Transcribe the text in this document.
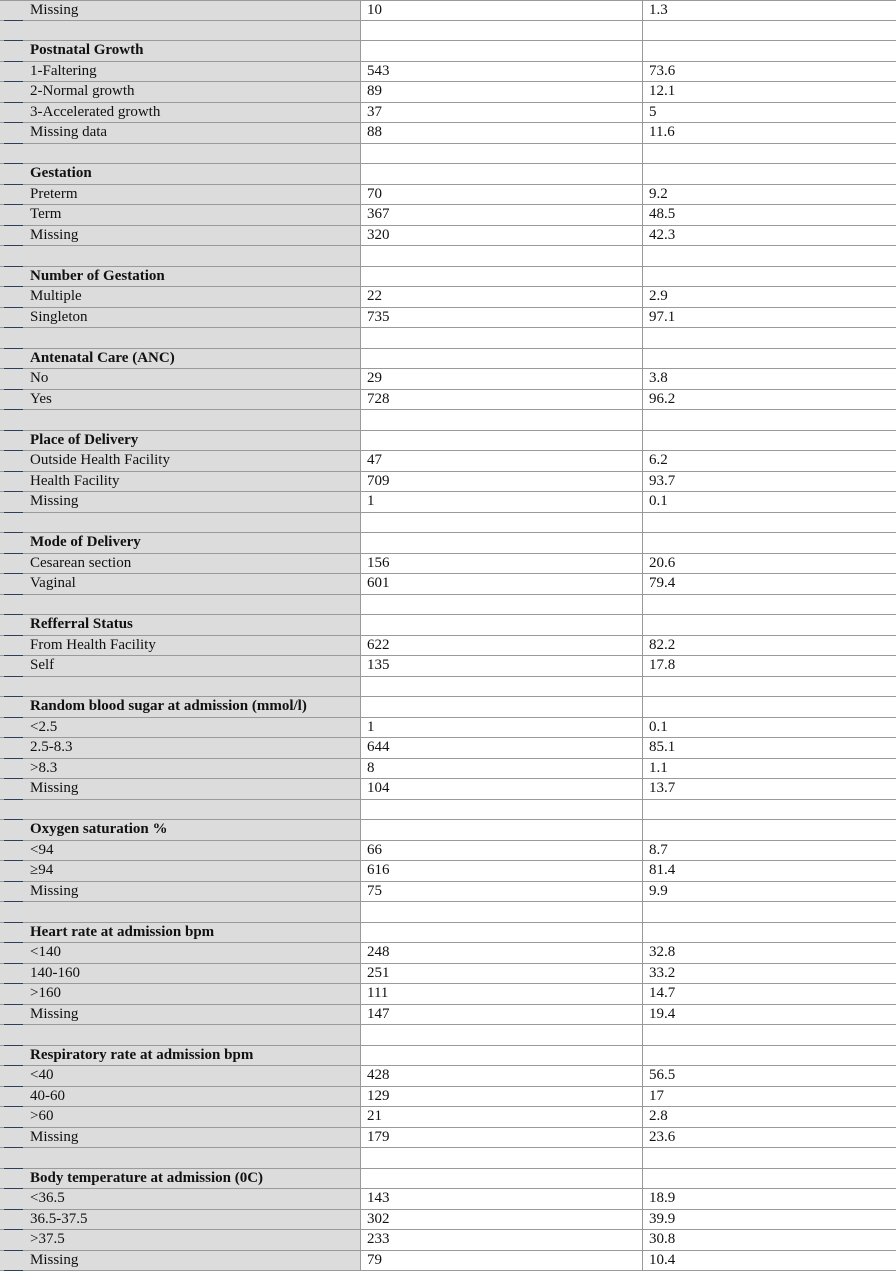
Missing	10	1.3
Postnatal Growth
1-Faltering	543	73.6
2-Normal growth	89	12.1
3-Accelerated growth	37	5
Missing data	88	11.6
Gestation
Preterm	70	9.2
Term	367	48.5
Missing	320	42.3
Number of Gestation
Multiple	22	2.9
Singleton	735	97.1
Antenatal Care (ANC)
No	29	3.8
Yes	728	96.2
Place of Delivery
Outside Health Facility	47	6.2
Health Facility	709	93.7
Missing	1	0.1
Mode of Delivery
Cesarean section	156	20.6
Vaginal	601	79.4
Refferral Status
From Health Facility	622	82.2
Self	135	17.8
Random blood sugar at admission (mmol/l)
<2.5	1	0.1
2.5-8.3	644	85.1
>8.3	8	1.1
Missing	104	13.7
Oxygen saturation %
<94	66	8.7
≥94	616	81.4
Missing	75	9.9
Heart rate at admission bpm
<140	248	32.8
140-160	251	33.2
>160	111	14.7
Missing	147	19.4
Respiratory rate at admission bpm
<40	428	56.5
40-60	129	17
>60	21	2.8
Missing	179	23.6
Body temperature at admission (0C)
<36.5	143	18.9
36.5-37.5	302	39.9
>37.5	233	30.8
Missing	79	10.4
